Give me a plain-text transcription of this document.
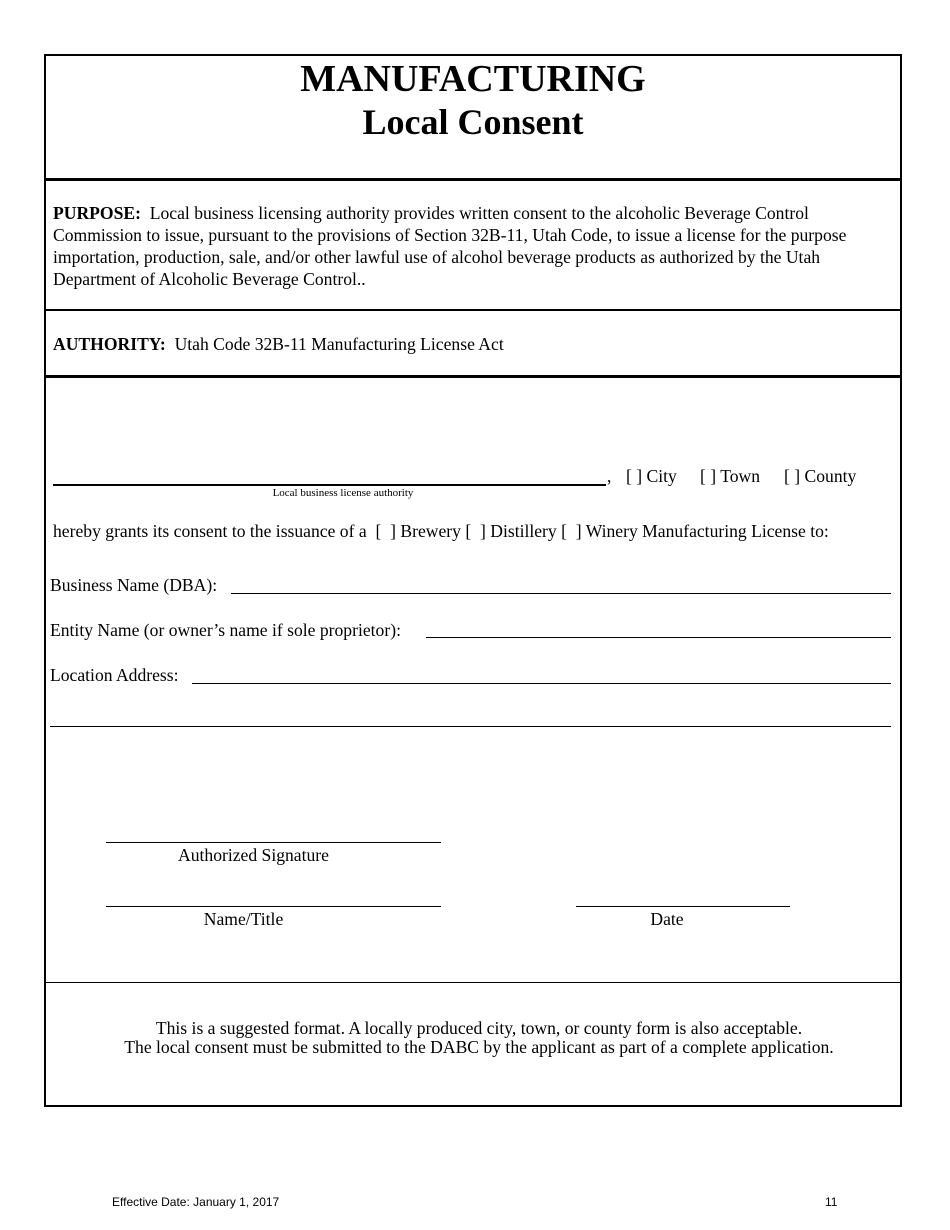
MANUFACTURING
Local Consent
PURPOSE: Local business licensing authority provides written consent to the alcoholic Beverage Control Commission to issue, pursuant to the provisions of Section 32B-11, Utah Code, to issue a license for the purpose importation, production, sale, and/or other lawful use of alcohol beverage products as authorized by the Utah Department of Alcoholic Beverage Control..
AUTHORITY: Utah Code 32B-11 Manufacturing License Act
Local business license authority
, [ ] City [ ] Town [ ] County
hereby grants its consent to the issuance of a  [  ] Brewery [  ] Distillery [  ] Winery Manufacturing License to:
Business Name (DBA):
Entity Name (or owner’s name if sole proprietor):
Location Address:
Authorized Signature
Name/Title	Date
This is a suggested format. A locally produced city, town, or county form is also acceptable.
The local consent must be submitted to the DABC by the applicant as part of a complete application.
Effective Date: January 1, 2017	11
